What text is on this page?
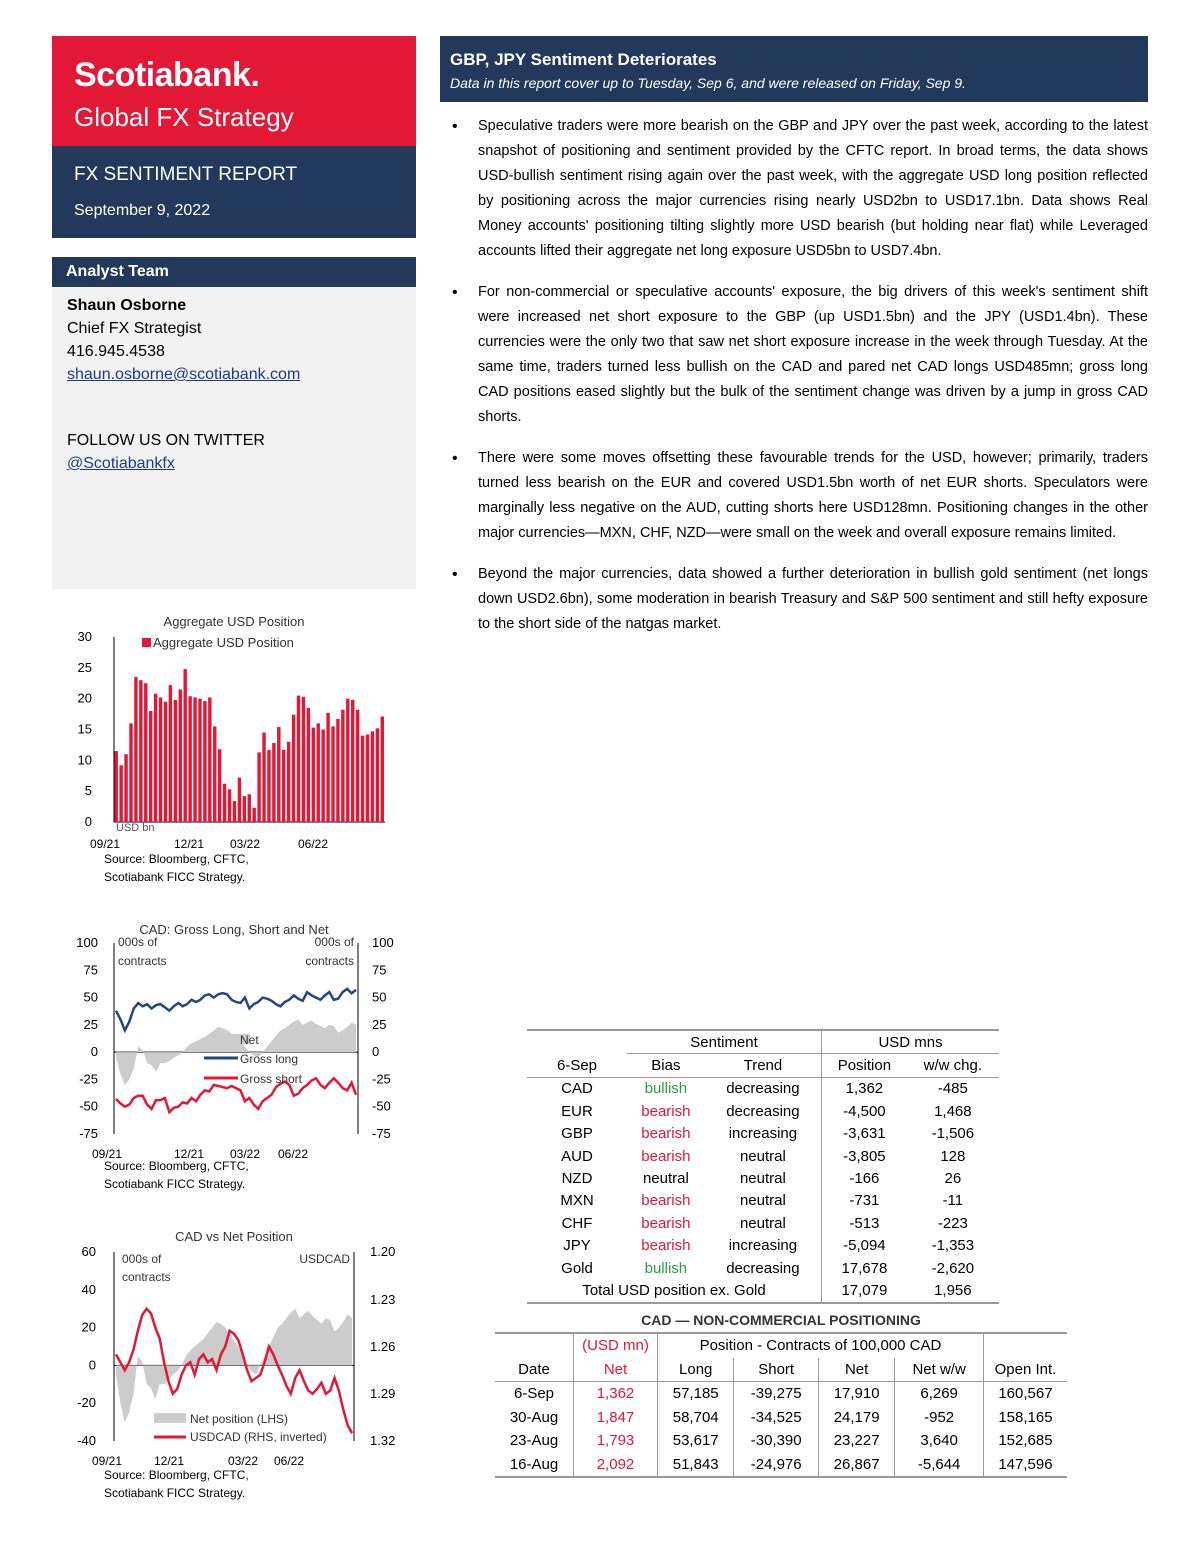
Scotiabank.
Global FX Strategy
FX SENTIMENT REPORT
September 9, 2022
Analyst Team
Shaun Osborne
Chief FX Strategist
416.945.4538
shaun.osborne@scotiabank.com
FOLLOW US ON TWITTER
@Scotiabankfx
GBP, JPY Sentiment Deteriorates
Data in this report cover up to Tuesday, Sep 6, and were released on Friday, Sep 9.
• Speculative traders were more bearish on the GBP and JPY over the past week, according to the latest snapshot of positioning and sentiment provided by the CFTC report. In broad terms, the data shows USD-bullish sentiment rising again over the past week, with the aggregate USD long position reflected by positioning across the major currencies rising nearly USD2bn to USD17.1bn. Data shows Real Money accounts' positioning tilting slightly more USD bearish (but holding near flat) while Leveraged accounts lifted their aggregate net long exposure USD5bn to USD7.4bn.
• For non-commercial or speculative accounts' exposure, the big drivers of this week's sentiment shift were increased net short exposure to the GBP (up USD1.5bn) and the JPY (USD1.4bn). These currencies were the only two that saw net short exposure increase in the week through Tuesday. At the same time, traders turned less bullish on the CAD and pared net CAD longs USD485mn; gross long CAD positions eased slightly but the bulk of the sentiment change was driven by a jump in gross CAD shorts.
• There were some moves offsetting these favourable trends for the USD, however; primarily, traders turned less bearish on the EUR and covered USD1.5bn worth of net EUR shorts. Speculators were marginally less negative on the AUD, cutting shorts here USD128mn. Positioning changes in the other major currencies—MXN, CHF, NZD—were small on the week and overall exposure remains limited.
• Beyond the major currencies, data showed a further deterioration in bullish gold sentiment (net longs down USD2.6bn), some moderation in bearish Treasury and S&P 500 sentiment and still hefty exposure to the short side of the natgas market.
Aggregate USD Position
Aggregate USD Position
0
5
10
15
20
25
30
USD bn
09/21	12/21 03/22	06/22
Source: Bloomberg, CFTC,
Scotiabank FICC Strategy.
CAD: Gross Long, Short and Net
100	100
75	75
50	50
25	25
0	0
-25	-25
-50	-50
-75	-75
000s of
contracts
000s of
contracts
Net
Gross long
Gross short
09/21	12/21 03/22 06/22
Source: Bloomberg, CFTC,
Scotiabank FICC Strategy.
CAD vs Net Position
60
40
20
0
-20
-40
1.20
1.23
1.26
1.29
1.32
000s of
contracts
USDCAD
Net position (LHS)
USDCAD (RHS, inverted)
09/21	12/21	03/22 06/22
Source: Bloomberg, CFTC,
Scotiabank FICC Strategy.
	Sentiment		USD mns	
6-Sep	Bias	Trend	Position	w/w chg.
CAD	bullish	decreasing	1,362	-485
EUR	bearish	decreasing	-4,500	1,468
GBP	bearish	increasing	-3,631	-1,506
AUD	bearish	neutral	-3,805	128
NZD	neutral	neutral	-166	26
MXN	bearish	neutral	-731	-11
CHF	bearish	neutral	-513	-223
JPY	bearish	increasing	-5,094	-1,353
Gold	bullish	decreasing	17,678	-2,620
Total USD position ex. Gold			17,079	1,956
CAD — NON-COMMERCIAL POSITIONING
	(USD mn)	Position - Contracts of 100,000 CAD				
Date	Net	Long	Short	Net	Net w/w	Open Int.
6-Sep	1,362	57,185	-39,275	17,910	6,269	160,567
30-Aug	1,847	58,704	-34,525	24,179	-952	158,165
23-Aug	1,793	53,617	-30,390	23,227	3,640	152,685
16-Aug	2,092	51,843	-24,976	26,867	-5,644	147,596
